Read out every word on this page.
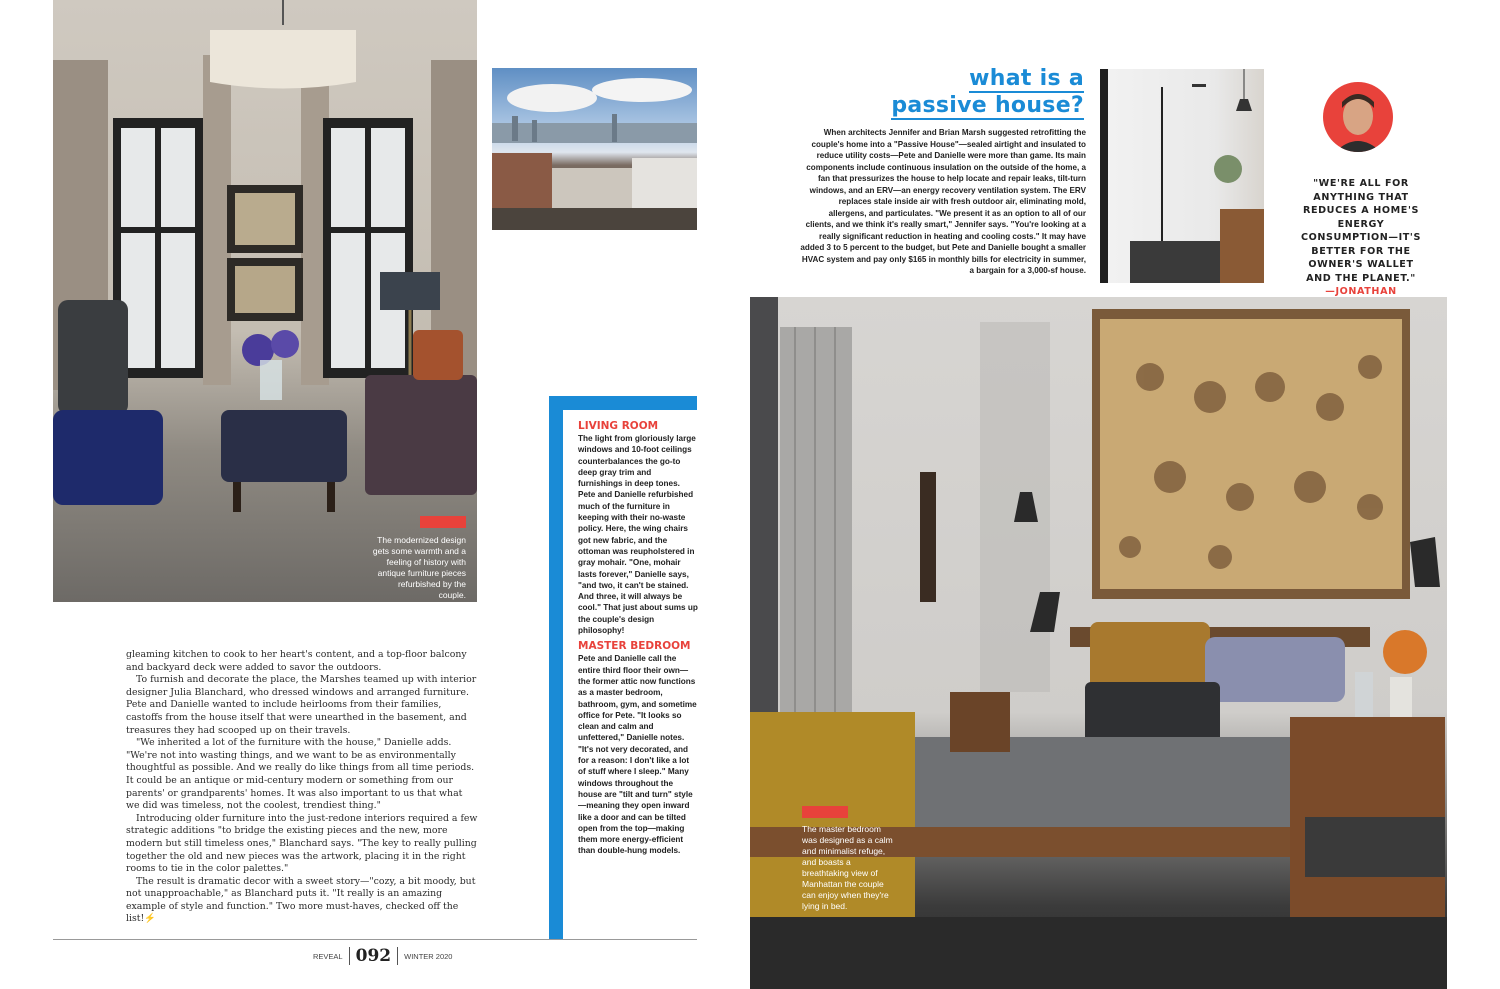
The modernized design gets some warmth and a feeling of history with antique furniture pieces refurbished by the couple.
what is a
passive house?
When architects Jennifer and Brian Marsh suggested retrofitting the couple's home into a "Passive House"—sealed airtight and insulated to reduce utility costs—Pete and Danielle were more than game. Its main components include continuous insulation on the outside of the home, a fan that pressurizes the house to help locate and repair leaks, tilt-turn windows, and an ERV—an energy recovery ventilation system. The ERV replaces stale inside air with fresh outdoor air, eliminating mold, allergens, and particulates. "We present it as an option to all of our clients, and we think it's really smart," Jennifer says. "You're looking at a really significant reduction in heating and cooling costs." It may have added 3 to 5 percent to the budget, but Pete and Danielle bought a smaller HVAC system and pay only $165 in monthly bills for electricity in summer, a bargain for a 3,000-sf house.
"WE'RE ALL FOR ANYTHING THAT REDUCES A HOME'S ENERGY CONSUMPTION—IT'S BETTER FOR THE OWNER'S WALLET AND THE PLANET."
—JONATHAN
The master bedroom was designed as a calm and minimalist refuge, and boasts a breathtaking view of Manhattan the couple can enjoy when they're lying in bed.
LIVING ROOM
The light from gloriously large windows and 10-foot ceilings counterbalances the go-to deep gray trim and furnishings in deep tones. Pete and Danielle refurbished much of the furniture in keeping with their no-waste policy. Here, the wing chairs got new fabric, and the ottoman was reupholstered in gray mohair. "One, mohair lasts forever," Danielle says, "and two, it can't be stained. And three, it will always be cool." That just about sums up the couple's design philosophy!
MASTER BEDROOM
Pete and Danielle call the entire third floor their own—the former attic now functions as a master bedroom, bathroom, gym, and sometime office for Pete. "It looks so clean and calm and unfettered," Danielle notes. "It's not very decorated, and for a reason: I don't like a lot of stuff where I sleep." Many windows throughout the house are "tilt and turn" style—meaning they open inward like a door and can be tilted open from the top—making them more energy-efficient than double-hung models.

gleaming kitchen to cook to her heart's content, and a top-floor balcony and backyard deck were added to savor the outdoors.

To furnish and decorate the place, the Marshes teamed up with interior designer Julia Blanchard, who dressed windows and arranged furniture. Pete and Danielle wanted to include heirlooms from their families, castoffs from the house itself that were unearthed in the basement, and treasures they had scooped up on their travels.

"We inherited a lot of the furniture with the house," Danielle adds. "We're not into wasting things, and we want to be as environmentally thoughtful as possible. And we really do like things from all time periods. It could be an antique or mid-century modern or something from our parents' or grandparents' homes. It was also important to us that what we did was timeless, not the coolest, trendiest thing."

Introducing older furniture into the just-redone interiors required a few strategic additions "to bridge the existing pieces and the new, more modern but still timeless ones," Blanchard says. "The key to really pulling together the old and new pieces was the artwork, placing it in the right rooms to tie in the color palettes."

The result is dramatic decor with a sweet story—"cozy, a bit moody, but not unapproachable," as Blanchard puts it. "It really is an amazing example of style and function." Two more must-haves, checked off the list!⚡

REVEAL 092 WINTER 2020
